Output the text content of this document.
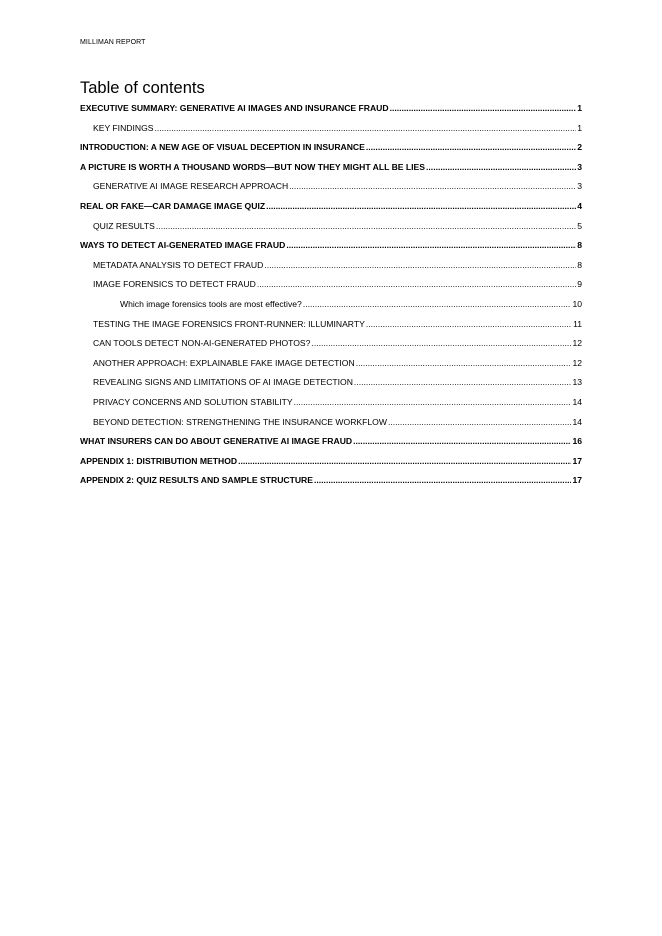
MILLIMAN REPORT
Table of contents
EXECUTIVE SUMMARY: GENERATIVE AI IMAGES AND INSURANCE FRAUD .....	1
KEY FINDINGS .....	1
INTRODUCTION: A NEW AGE OF VISUAL DECEPTION IN INSURANCE .....	2
A PICTURE IS WORTH A THOUSAND WORDS—BUT NOW THEY MIGHT ALL BE LIES .....	3
GENERATIVE AI IMAGE RESEARCH APPROACH .....	3
REAL OR FAKE—CAR DAMAGE IMAGE QUIZ .....	4
QUIZ RESULTS .....	5
WAYS TO DETECT AI-GENERATED IMAGE FRAUD .....	8
METADATA ANALYSIS TO DETECT FRAUD .....	8
IMAGE FORENSICS TO DETECT FRAUD .....	9
Which image forensics tools are most effective? .....	10
TESTING THE IMAGE FORENSICS FRONT-RUNNER: ILLUMINARTY .....	11
CAN TOOLS DETECT NON-AI-GENERATED PHOTOS? .....	12
ANOTHER APPROACH: EXPLAINABLE FAKE IMAGE DETECTION .....	12
REVEALING SIGNS AND LIMITATIONS OF AI IMAGE DETECTION .....	13
PRIVACY CONCERNS AND SOLUTION STABILITY .....	14
BEYOND DETECTION: STRENGTHENING THE INSURANCE WORKFLOW .....	14
WHAT INSURERS CAN DO ABOUT GENERATIVE AI IMAGE FRAUD .....	16
APPENDIX 1: DISTRIBUTION METHOD .....	17
APPENDIX 2: QUIZ RESULTS AND SAMPLE STRUCTURE .....	17
